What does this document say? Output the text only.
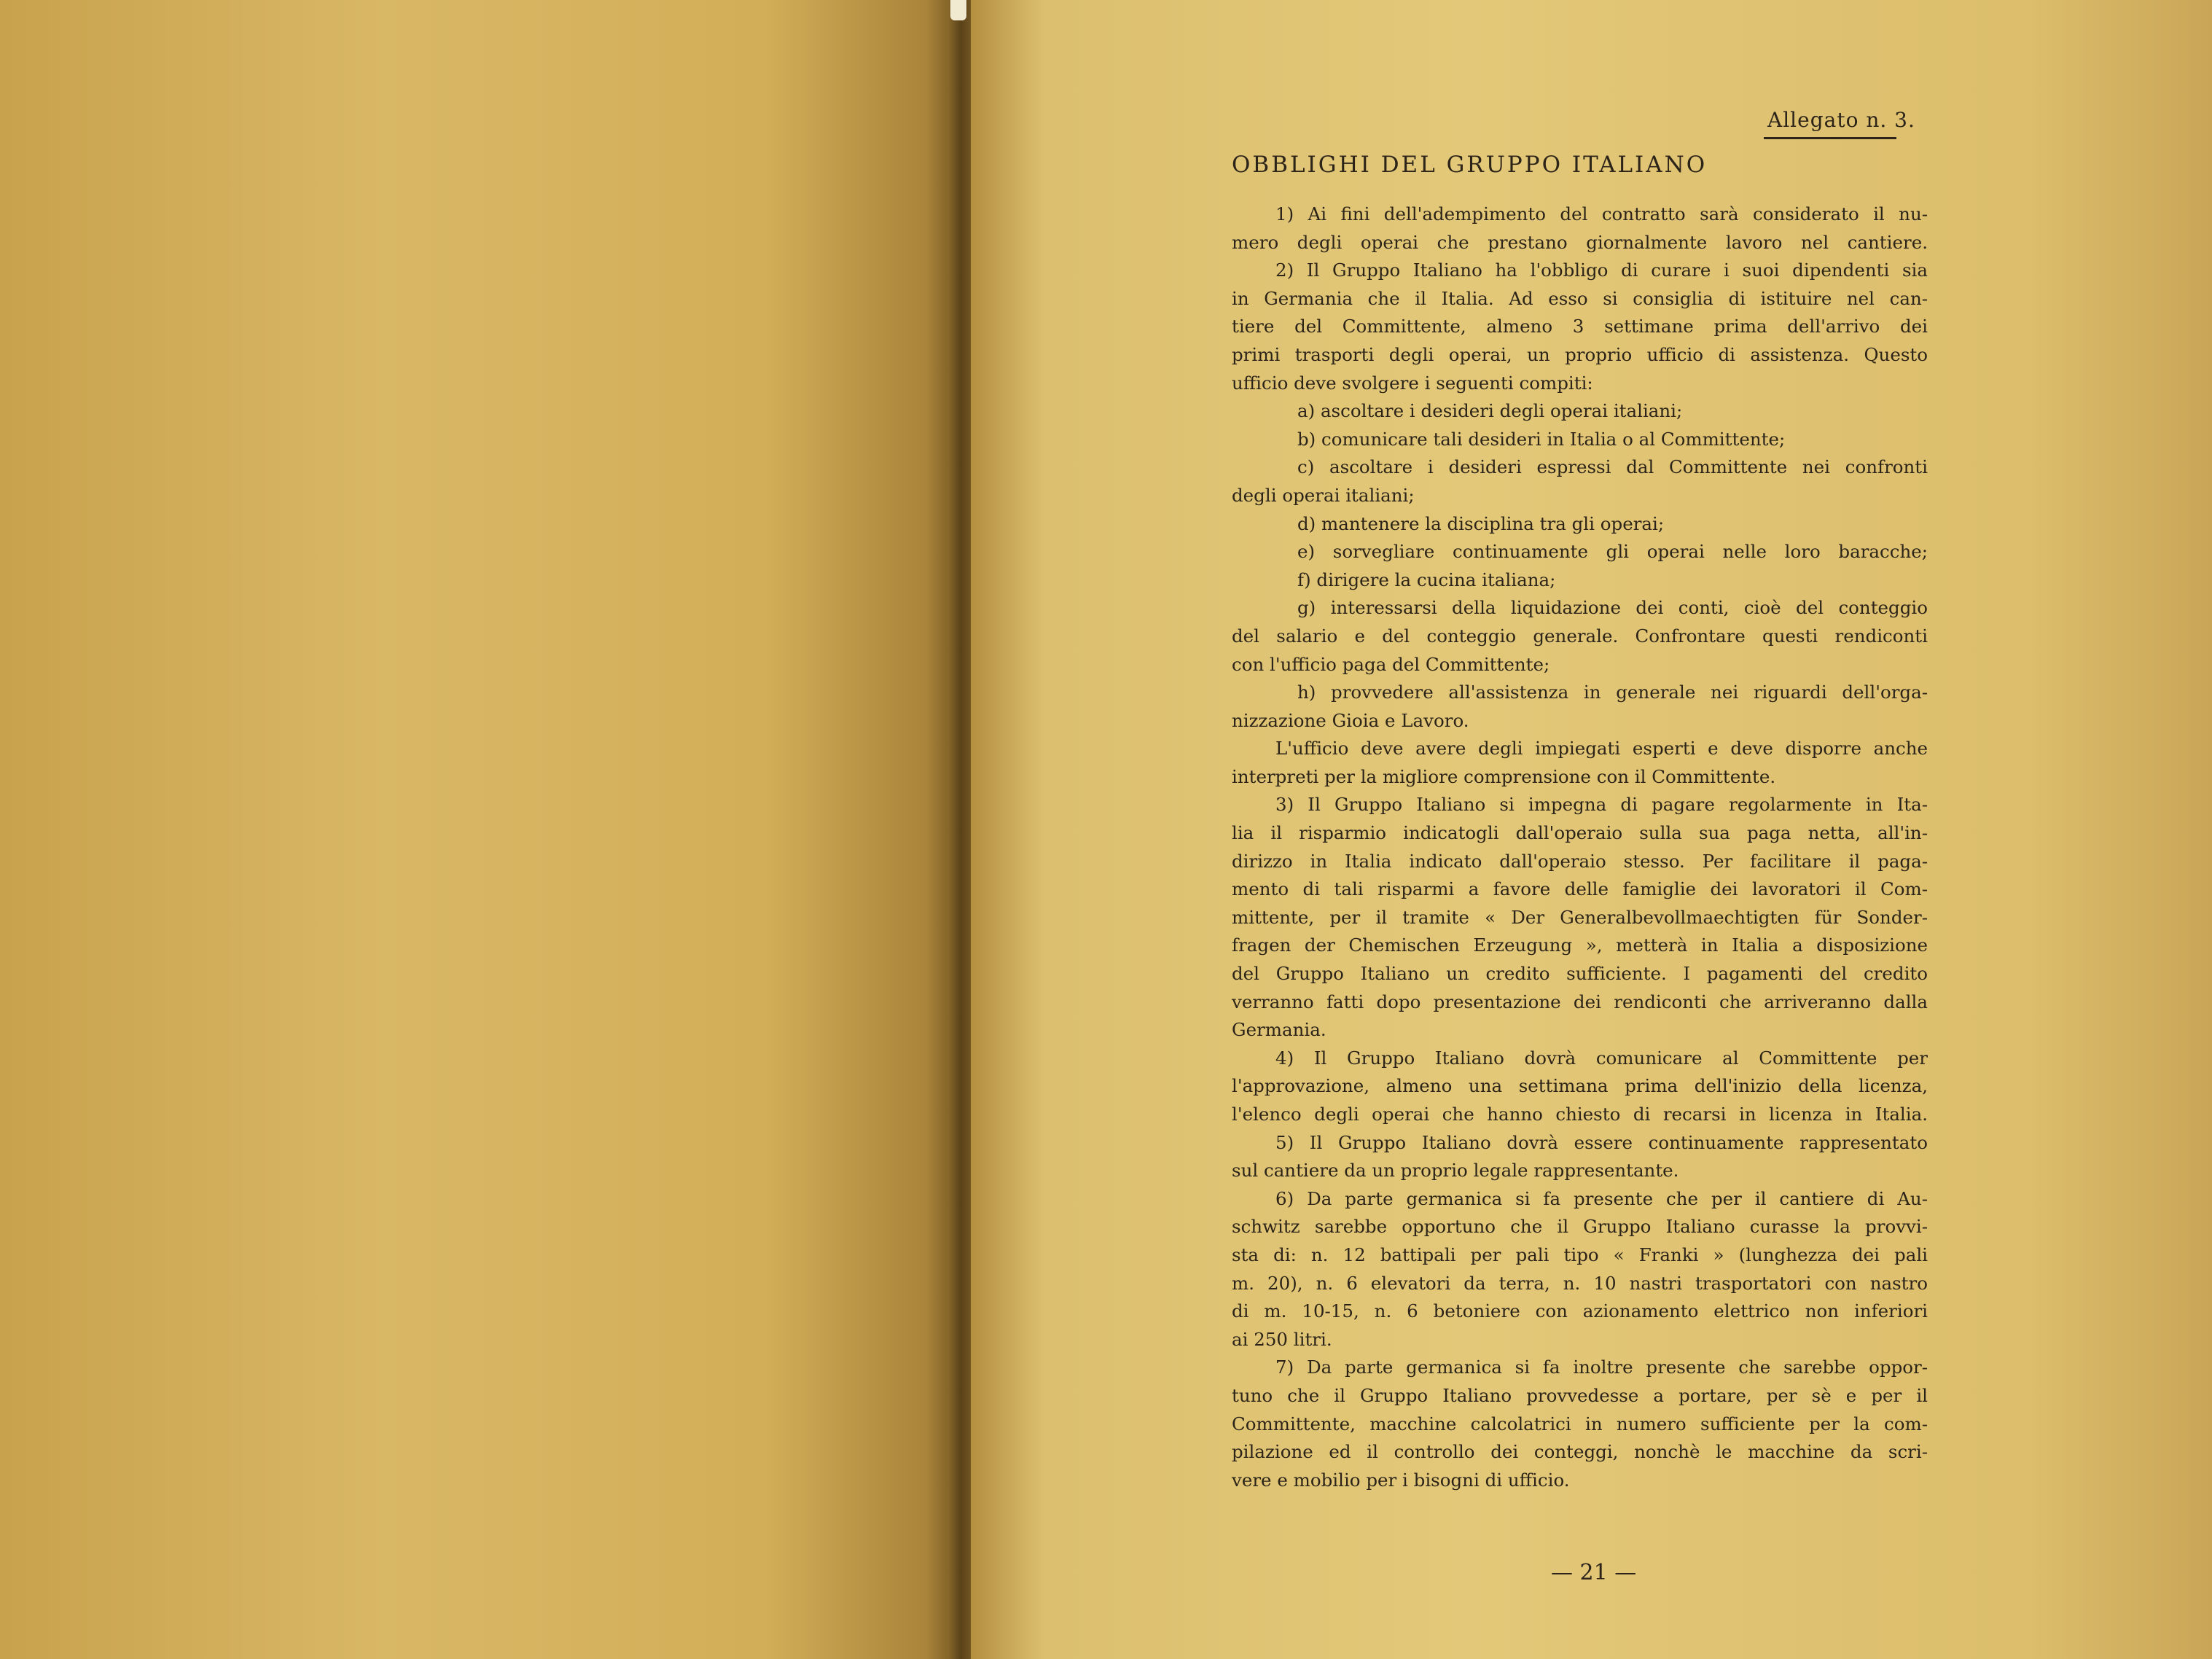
Allegato n. 3.
OBBLIGHI DEL GRUPPO ITALIANO

1) Ai fini dell'adempimento del contratto sarà considerato il nu-

mero degli operai che prestano giornalmente lavoro nel cantiere.

2) Il Gruppo Italiano ha l'obbligo di curare i suoi dipendenti sia

in Germania che il Italia. Ad esso si consiglia di istituire nel can-

tiere del Committente, almeno 3 settimane prima dell'arrivo dei

primi trasporti degli operai, un proprio ufficio di assistenza. Questo

ufficio deve svolgere i seguenti compiti:

a) ascoltare i desideri degli operai italiani;

b) comunicare tali desideri in Italia o al Committente;

c) ascoltare i desideri espressi dal Committente nei confronti

degli operai italiani;

d) mantenere la disciplina tra gli operai;

e) sorvegliare continuamente gli operai nelle loro baracche;

f) dirigere la cucina italiana;

g) interessarsi della liquidazione dei conti, cioè del conteggio

del salario e del conteggio generale. Confrontare questi rendiconti

con l'ufficio paga del Committente;

h) provvedere all'assistenza in generale nei riguardi dell'orga-

nizzazione Gioia e Lavoro.

L'ufficio deve avere degli impiegati esperti e deve disporre anche

interpreti per la migliore comprensione con il Committente.

3) Il Gruppo Italiano si impegna di pagare regolarmente in Ita-

lia il risparmio indicatogli dall'operaio sulla sua paga netta, all'in-

dirizzo in Italia indicato dall'operaio stesso. Per facilitare il paga-

mento di tali risparmi a favore delle famiglie dei lavoratori il Com-

mittente, per il tramite « Der Generalbevollmaechtigten für Sonder-

fragen der Chemischen Erzeugung », metterà in Italia a disposizione

del Gruppo Italiano un credito sufficiente. I pagamenti del credito

verranno fatti dopo presentazione dei rendiconti che arriveranno dalla

Germania.

4) Il Gruppo Italiano dovrà comunicare al Committente per

l'approvazione, almeno una settimana prima dell'inizio della licenza,

l'elenco degli operai che hanno chiesto di recarsi in licenza in Italia.

5) Il Gruppo Italiano dovrà essere continuamente rappresentato

sul cantiere da un proprio legale rappresentante.

6) Da parte germanica si fa presente che per il cantiere di Au-

schwitz sarebbe opportuno che il Gruppo Italiano curasse la provvi-

sta di: n. 12 battipali per pali tipo « Franki » (lunghezza dei pali

m. 20), n. 6 elevatori da terra, n. 10 nastri trasportatori con nastro

di m. 10-15, n. 6 betoniere con azionamento elettrico non inferiori

ai 250 litri.

7) Da parte germanica si fa inoltre presente che sarebbe oppor-

tuno che il Gruppo Italiano provvedesse a portare, per sè e per il

Committente, macchine calcolatrici in numero sufficiente per la com-

pilazione ed il controllo dei conteggi, nonchè le macchine da scri-

vere e mobilio per i bisogni di ufficio.

— 21 —
